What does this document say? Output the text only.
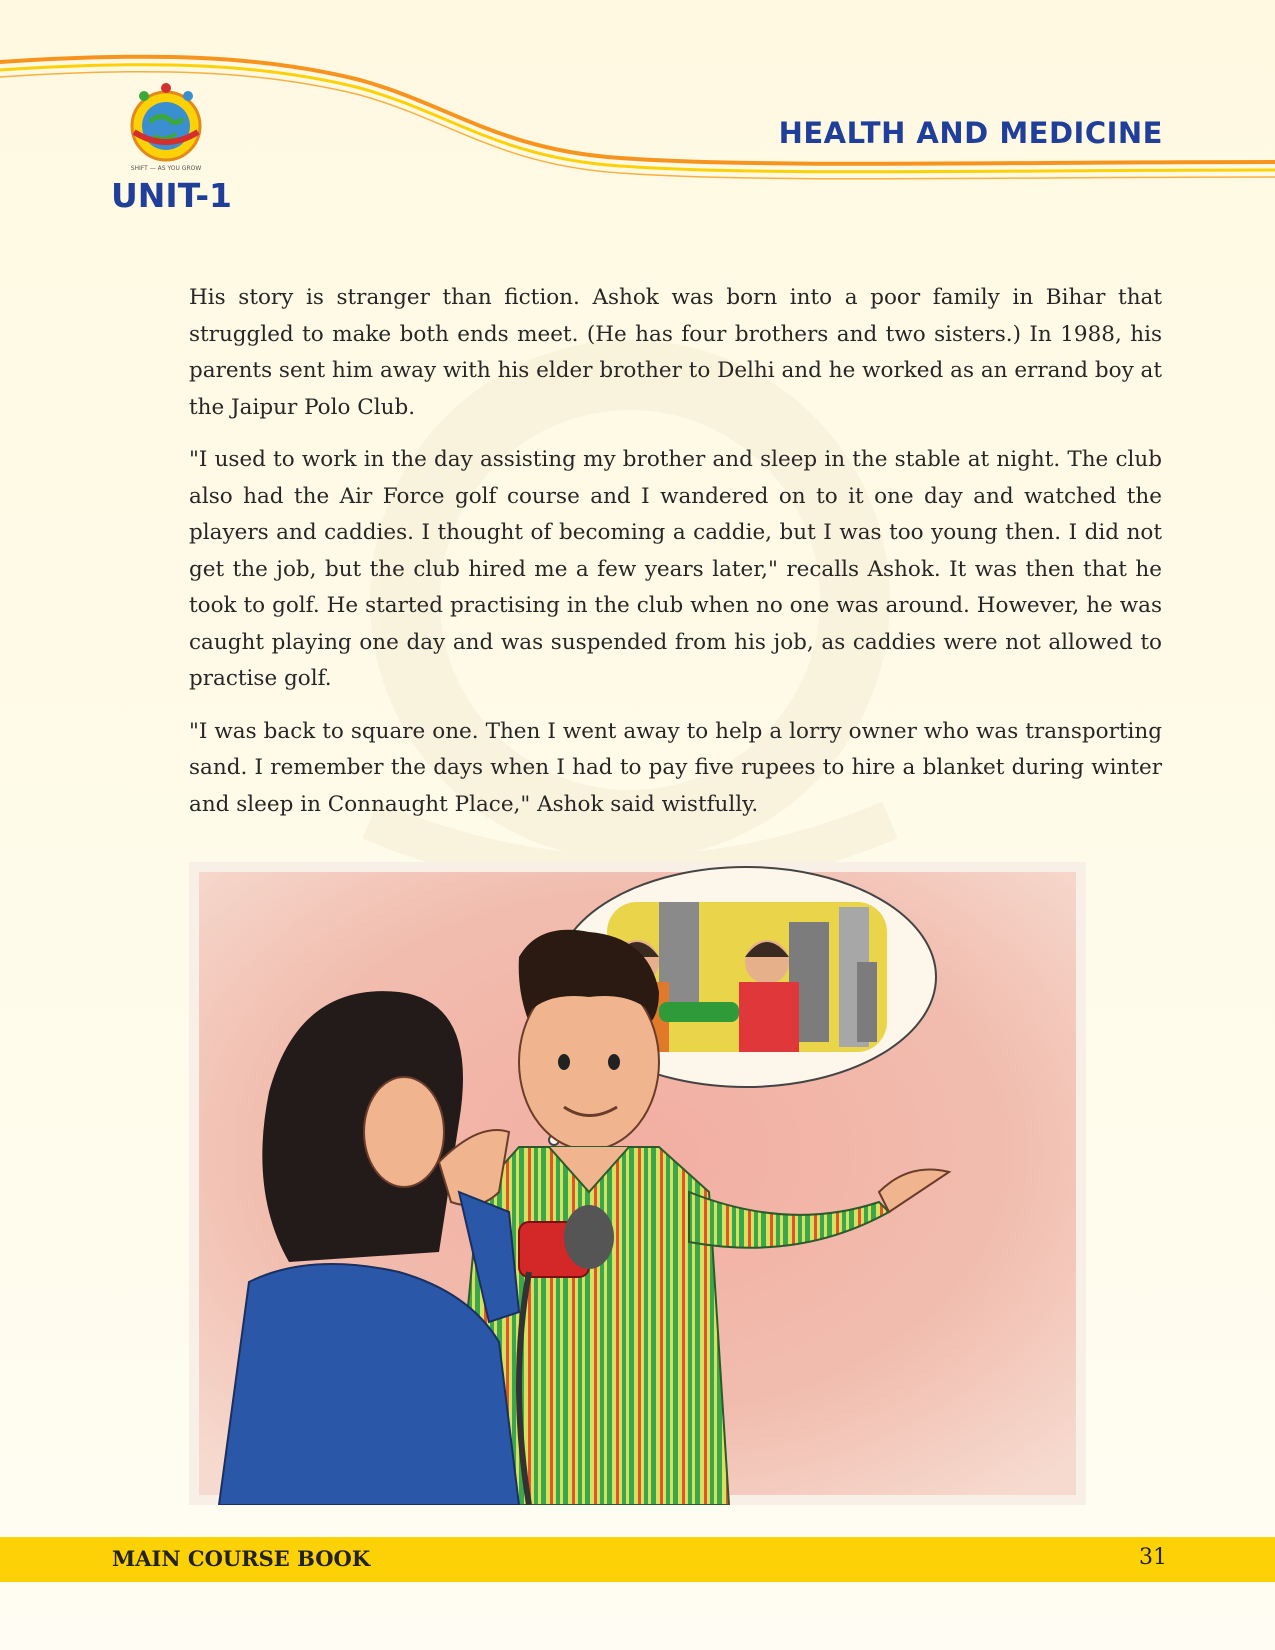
SHIFT — AS YOU GROW
UNIT-1
HEALTH AND MEDICINE

His story is stranger than fiction. Ashok was born into a poor family in Bihar that struggled to make both ends meet. (He has four brothers and two sisters.) In 1988, his parents sent him away with his elder brother to Delhi and he worked as an errand boy at the Jaipur Polo Club.

"I used to work in the day assisting my brother and sleep in the stable at night. The club also had the Air Force golf course and I wandered on to it one day and watched the players and caddies. I thought of becoming a caddie, but I was too young then. I did not get the job, but the club hired me a few years later," recalls Ashok. It was then that he took to golf. He started practising in the club when no one was around. However, he was caught playing one day and was suspended from his job, as caddies were not allowed to practise golf.

"I was back to square one. Then I went away to help a lorry owner who was transporting sand. I remember the days when I had to pay five rupees to hire a blanket during winter and sleep in Connaught Place," Ashok said wistfully.

MAIN COURSE BOOK	31
